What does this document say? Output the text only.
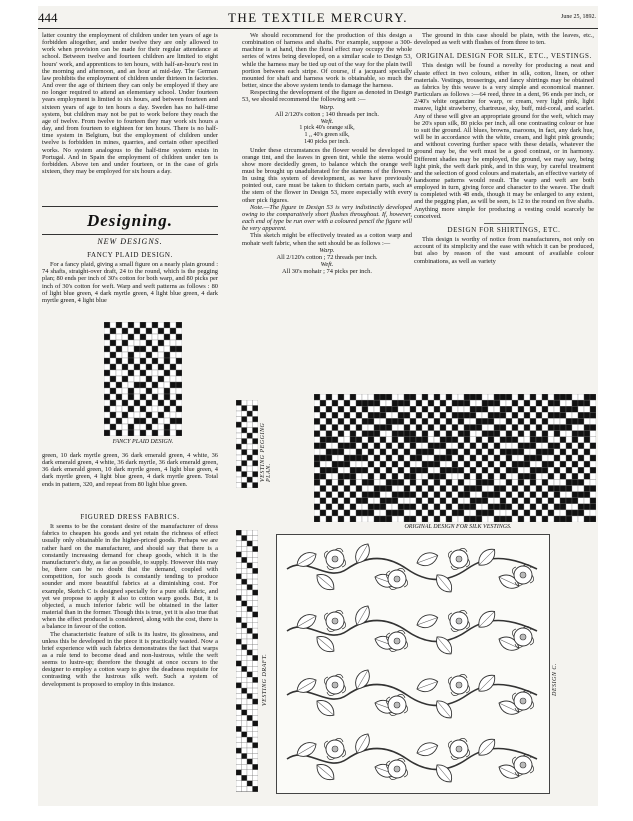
444	THE TEXTILE MERCURY.	June 25, 1892.

latter country the employment of children under ten years of age is forbidden altogether, and under twelve they are only allowed to work when provision can be made for their regular attendance at school. Between twelve and fourteen children are limited to eight hours' work, and apprentices to ten hours, with half-an-hour's rest in the morning and afternoon, and an hour at mid-day. The German law prohibits the employment of children under thirteen in factories. And over the age of thirteen they can only be employed if they are no longer required to attend an elementary school. Under fourteen years employment is limited to six hours, and between fourteen and sixteen years of age to ten hours a day. Sweden has no half-time system, but children may not be put to work before they reach the age of twelve. From twelve to fourteen they may work six hours a day, and from fourteen to eighteen for ten hours. There is no half-time system in Belgium, but the employment of children under twelve is forbidden in mines, quarries, and certain other specified works. No system analogous to the half-time system exists in Portugal. And in Spain the employment of children under ten is forbidden. Above ten and under fourteen, or in the case of girls sixteen, they may be employed for six hours a day.

Designing.
NEW DESIGNS.
FANCY PLAID DESIGN.

For a fancy plaid, giving a small figure on a nearly plain ground : 74 shafts, straight-over draft, 24 to the round, which is the pegging plan; 80 ends per inch of 30's cotton for both warp, and 80 picks per inch of 30's cotton for weft. Warp and weft patterns as follows : 80 of light blue green, 4 dark myrtle green, 4 light blue green, 4 dark myrtle green, 4 light blue

FANCY PLAID DESIGN.

green, 10 dark myrtle green, 36 dark emerald green, 4 white, 36 dark emerald green, 4 white, 36 dark myrtle, 36 dark emerald green, 36 dark emerald green, 10 dark myrtle green, 4 light blue green, 4 dark myrtle green, 4 light blue green, 4 dark myrtle green. Total ends in pattern, 320, and repeat from 80 light blue green.

FIGURED DRESS FABRICS.

It seems to be the constant desire of the manufacturer of dress fabrics to cheapen his goods and yet retain the richness of effect usually only obtainable in the higher-priced goods. Perhaps we are rather hard on the manufacturer, and should say that there is a constantly increasing demand for cheap goods, which it is the manufacturer's duty, as far as possible, to supply. However this may be, there can be no doubt that the demand, coupled with competition, for such goods is constantly tending to produce sounder and more beautiful fabrics at a diminishing cost. For example, Sketch C is designed specially for a pure silk fabric, and yet we propose to apply it also to cotton warp goods. But, it is objected, a much inferior fabric will be obtained in the latter material than in the former. Though this is true, yet it is also true that when the effect produced is considered, along with the cost, there is a balance in favour of the cotton.

The characteristic feature of silk is its lustre, its glossiness, and unless this be developed in the piece it is practically wasted. Now a brief experience with such fabrics demonstrates the fact that warps as a rule tend to become dead and non-lustrous, while the weft seems to lustre-up; therefore the thought at once occurs to the designer to employ a cotton warp to give the deadness requisite for contrasting with the lustrous silk weft. Such a system of development is proposed to employ in this instance.

We should recommend for the production of this design a combination of harness and shafts. For example, suppose a 300-machine is at hand, then the floral effect may occupy the whole series of wires being developed, on a similar scale to Design 53, while the harness may be tied up out of the way for the plain twill portion between each stripe. Of course, if a jacquard specially mounted for shaft and harness work is obtainable, so much the better, since the above system tends to damage the harness.

Respecting the development of the figure as denoted in Design 53, we should recommend the following sett :—

Warp.

All 2/120's cotton ; 140 threads per inch.

Weft.

1 pick 40's orange silk,

1 ,, 40's green silk,

140 picks per inch.

Under these circumstances the flower would be developed in orange tint, and the leaves in green tint, while the stems would show more decidedly green, to balance which the orange weft must be brought up unadulterated for the stamens of the flowers. In using this system of development, as we have previously pointed out, care must be taken to thicken certain parts, such as the stem of the flower in Design 53, more especially with every other pick figures.

Note.—The figure in Design 53 is very indistinctly developed owing to the comparatively short flushes throughout. If, however, each end of type be run over with a coloured pencil the figure will be very apparent.

This sketch might be effectively treated as a cotton warp and mohair weft fabric, when the sett should be as follows :—

Warp.

All 2/120's cotton ; 72 threads per inch.

Weft.

All 30's mohair ; 74 picks per inch.

The ground in this case should be plain, with the leaves, etc., developed as weft with flushes of from three to ten.

ORIGINAL DESIGN FOR SILK, ETC., VESTINGS.

This design will be found a novelty for producing a neat and chaste effect in two colours, either in silk, cotton, linen, or other materials. Vestings, trouserings, and fancy shirtings may be obtained as fabrics by this weave is a very simple and economical manner. Particulars as follows :—64 reed, three in a dent, 96 ends per inch, or 2/40's white organzine for warp, or cream, very light pink, light mauve, light strawberry, chartreuse, sky, buff, mid-coral, and scarlet. Any of these will give an appropriate ground for the weft, which may be 20's spun silk, 80 picks per inch, all one contrasting colour or hue to suit the ground. All blues, browns, maroons, in fact, any dark hue, will be in accordance with the white, cream, and light pink grounds; and without covering further space with these details, whatever the ground may be, the weft must be a good contrast, or in harmony. Different shades may be employed, the ground, we may say, being light pink, the weft dark pink, and in this way, by careful treatment and the selection of good colours and materials, an effective variety of handsome patterns would result. The warp and weft are both employed in turn, giving force and character to the weave. The draft is completed with 48 ends, though it may be enlarged to any extent, and the pegging plan, as will be seen, is 12 to the round on five shafts. Anything more simple for producing a vesting could scarcely be conceived.

DESIGN FOR SHIRTINGS, ETC.

This design is worthy of notice from manufacturers, not only on account of its simplicity and the ease with which it can be produced, but also by reason of the vast amount of available colour combinations, as well as variety

VESTING PEGGING PLAN.
ORIGINAL DESIGN FOR SILK VESTINGS.
VESTING DRAFT.	DESIGN C.
